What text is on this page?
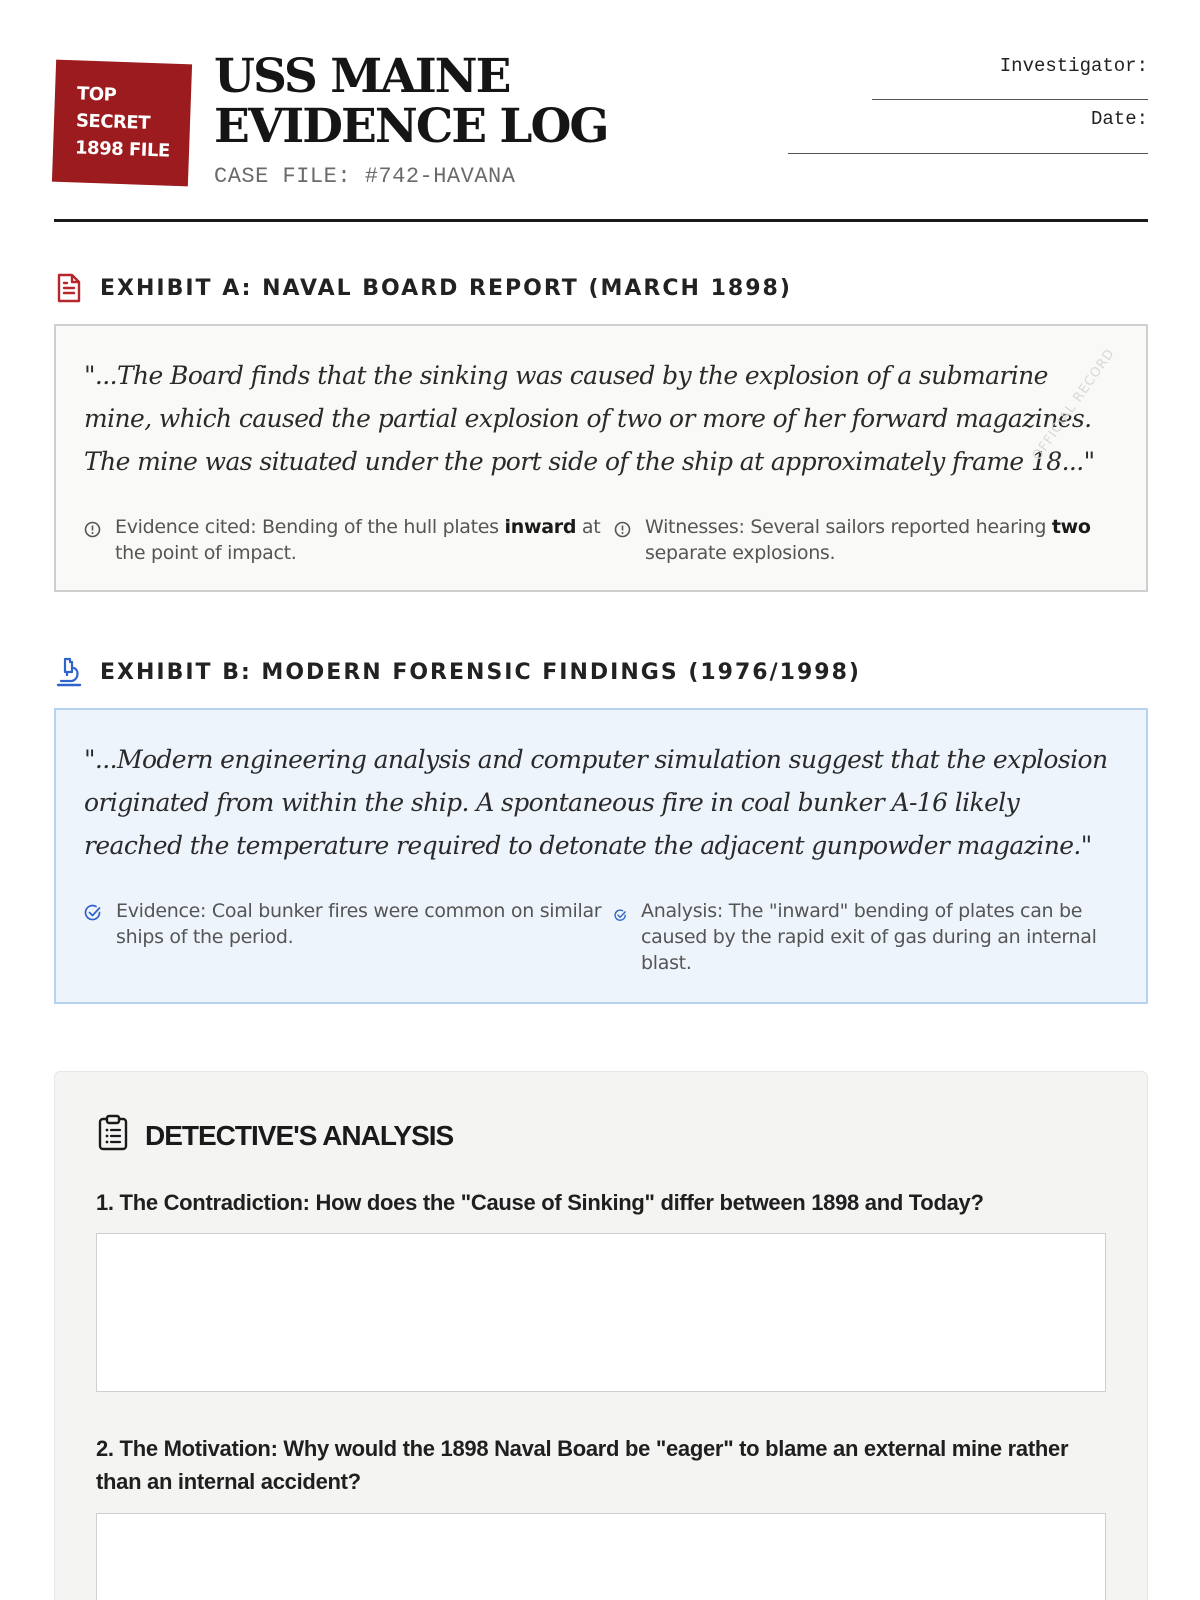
TOP
SECRET
1898 FILE
USS MAINE EVIDENCE LOG
CASE FILE: #742-HAVANA
Investigator:
Date:
EXHIBIT A: NAVAL BOARD REPORT (MARCH 1898)
OFFICIAL RECORD
"...The Board finds that the sinking was caused by the explosion of a submarine mine, which caused the partial explosion of two or more of her forward magazines. The mine was situated under the port side of the ship at approximately frame 18..."
Evidence cited: Bending of the hull plates inward at the point of impact.
Witnesses: Several sailors reported hearing two separate explosions.
EXHIBIT B: MODERN FORENSIC FINDINGS (1976/1998)
"...Modern engineering analysis and computer simulation suggest that the explosion originated from within the ship. A spontaneous fire in coal bunker A-16 likely reached the temperature required to detonate the adjacent gunpowder magazine."
Evidence: Coal bunker fires were common on similar ships of the period.
Analysis: The "inward" bending of plates can be caused by the rapid exit of gas during an internal blast.
DETECTIVE'S ANALYSIS
1. The Contradiction: How does the "Cause of Sinking" differ between 1898 and Today?
2. The Motivation: Why would the 1898 Naval Board be "eager" to blame an external mine rather than an internal accident?
